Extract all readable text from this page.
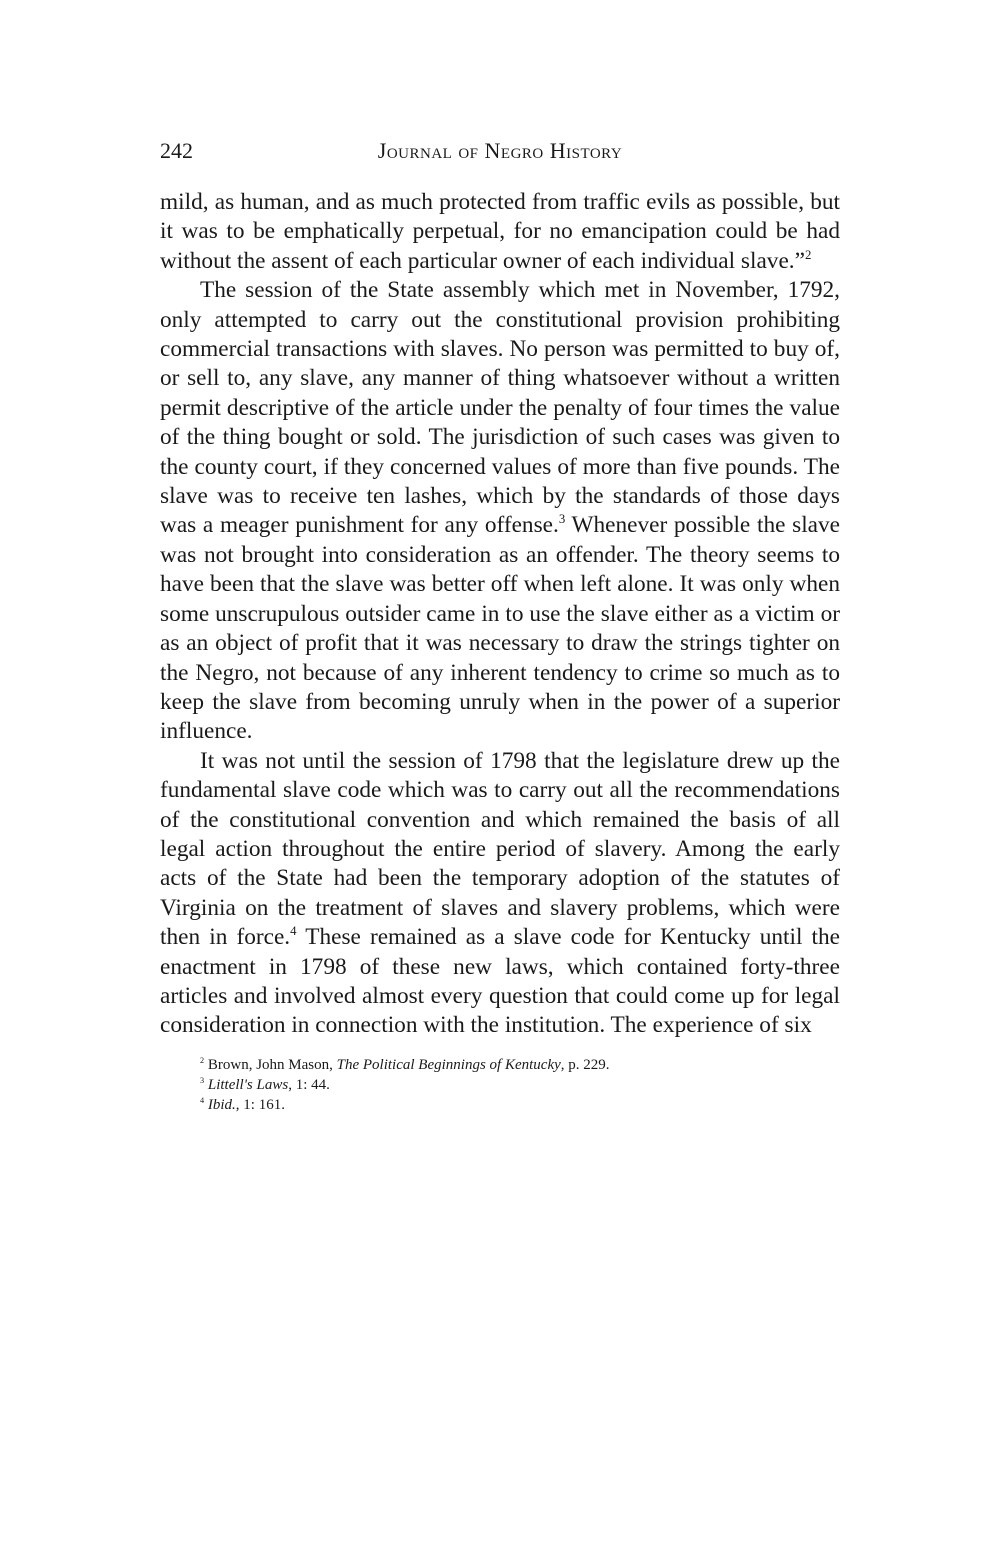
242	Journal of Negro History

mild, as human, and as much protected from traffic evils as possible, but it was to be emphatically perpetual, for no emancipation could be had without the assent of each particular owner of each individual slave.”$^2$

The session of the State assembly which met in November, 1792, only attempted to carry out the constitutional provision prohibiting commercial transactions with slaves. No person was permitted to buy of, or sell to, any slave, any manner of thing whatsoever without a written permit descriptive of the article under the penalty of four times the value of the thing bought or sold. The jurisdiction of such cases was given to the county court, if they concerned values of more than five pounds. The slave was to receive ten lashes, which by the standards of those days was a meager punishment for any offense.$^3$ Whenever possible the slave was not brought into consideration as an offender. The theory seems to have been that the slave was better off when left alone. It was only when some unscrupulous outsider came in to use the slave either as a victim or as an object of profit that it was necessary to draw the strings tighter on the Negro, not because of any inherent tendency to crime so much as to keep the slave from becoming unruly when in the power of a superior influence.

It was not until the session of 1798 that the legislature drew up the fundamental slave code which was to carry out all the recommendations of the constitutional convention and which remained the basis of all legal action throughout the entire period of slavery. Among the early acts of the State had been the temporary adoption of the statutes of Virginia on the treatment of slaves and slavery problems, which were then in force.$^4$ These remained as a slave code for Kentucky until the enactment in 1798 of these new laws, which contained forty-three articles and involved almost every question that could come up for legal consideration in connection with the institution. The experience of six

$^2$ Brown, John Mason, The Political Beginnings of Kentucky, p. 229.

$^3$ Littell's Laws, 1: 44.

$^4$ Ibid., 1: 161.
